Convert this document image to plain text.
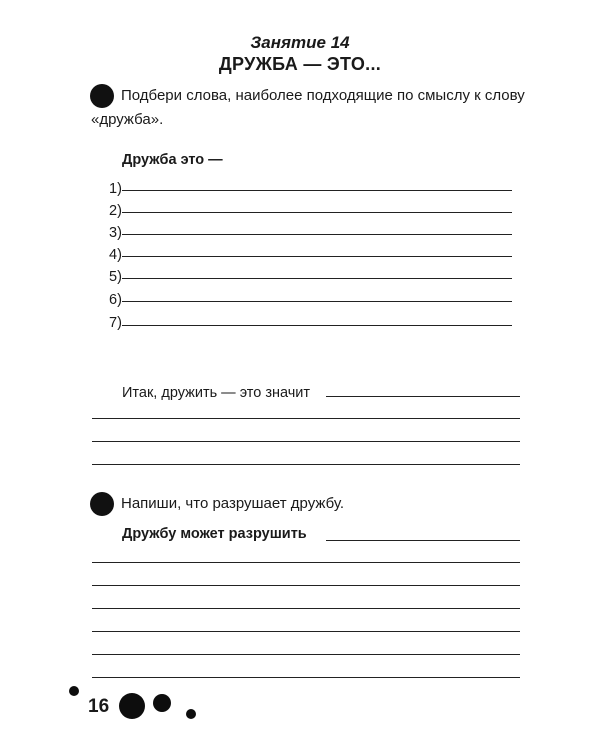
Занятие 14
ДРУЖБА — ЭТО...
Подбери слова, наиболее подходящие по смыслу к слову
«дружба».
Дружба это —
1)
2)
3)
4)
5)
6)
7)
Итак, дружить — это значит
Напиши, что разрушает дружбу.
Дружбу может разрушить
16
